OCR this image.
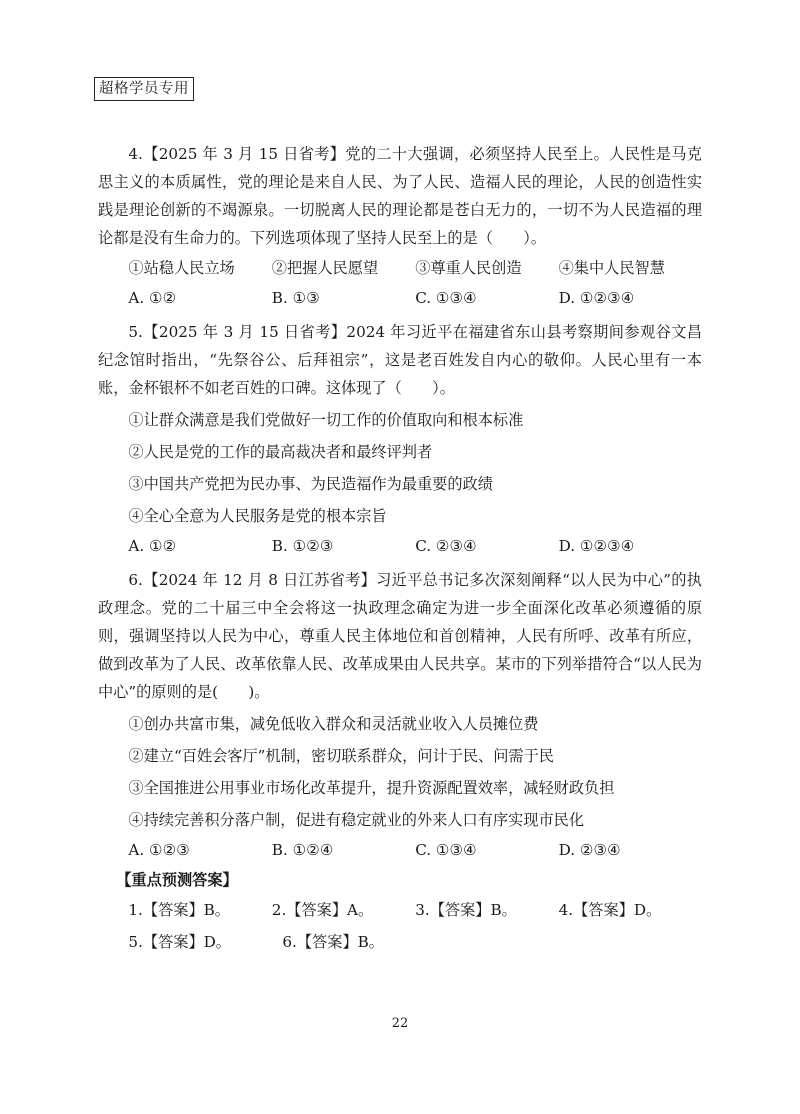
超格学员专用

4.【2025 年 3 月 15 日省考】党的二十大强调，必须坚持人民至上。人民性是马克思主义的本质属性，党的理论是来自人民、为了人民、造福人民的理论，人民的创造性实践是理论创新的不竭源泉。一切脱离人民的理论都是苍白无力的，一切不为人民造福的理论都是没有生命力的。下列选项体现了坚持人民至上的是（　　）。

①站稳人民立场	②把握人民愿望	③尊重人民创造	④集中人民智慧
A. ①②	B. ①③	C. ①③④	D. ①②③④

5.【2025 年 3 月 15 日省考】2024 年习近平在福建省东山县考察期间参观谷文昌纪念馆时指出，“先祭谷公、后拜祖宗”，这是老百姓发自内心的敬仰。人民心里有一本账，金杯银杯不如老百姓的口碑。这体现了（　　）。

①让群众满意是我们党做好一切工作的价值取向和根本标准

②人民是党的工作的最高裁决者和最终评判者

③中国共产党把为民办事、为民造福作为最重要的政绩

④全心全意为人民服务是党的根本宗旨

A. ①②	B. ①②③	C. ②③④	D. ①②③④

6.【2024 年 12 月 8 日江苏省考】习近平总书记多次深刻阐释“以人民为中心”的执政理念。党的二十届三中全会将这一执政理念确定为进一步全面深化改革必须遵循的原则，强调坚持以人民为中心，尊重人民主体地位和首创精神，人民有所呼、改革有所应，做到改革为了人民、改革依靠人民、改革成果由人民共享。某市的下列举措符合“以人民为中心”的原则的是(　　)。

①创办共富市集，减免低收入群众和灵活就业收入人员摊位费

②建立“百姓会客厅”机制，密切联系群众，问计于民、问需于民

③全国推进公用事业市场化改革提升，提升资源配置效率，减轻财政负担

④持续完善积分落户制，促进有稳定就业的外来人口有序实现市民化

A. ①②③	B. ①②④	C. ①③④	D. ②③④

【重点预测答案】

1.【答案】B。	2.【答案】A。	3.【答案】B。	4.【答案】D。
5.【答案】D。	6.【答案】B。
22
